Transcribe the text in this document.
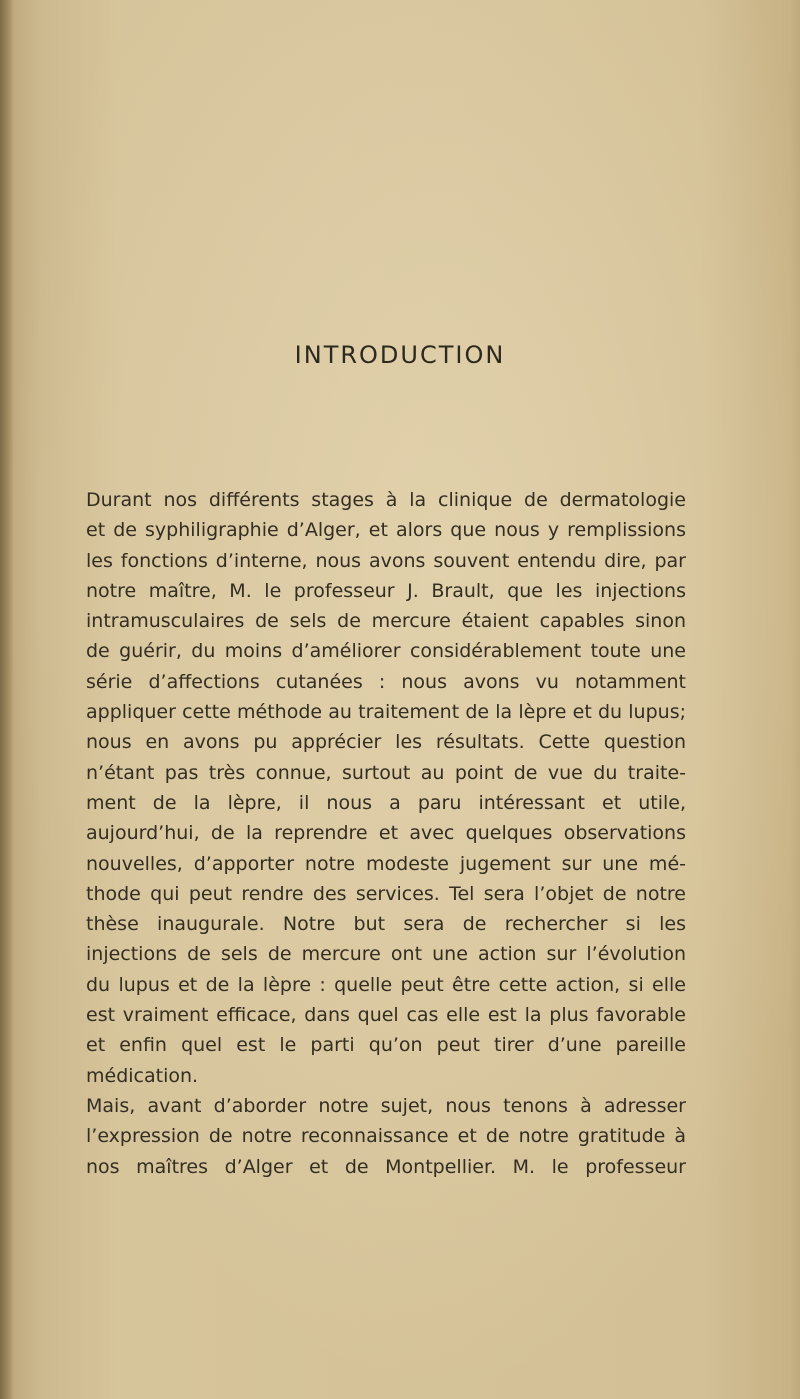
INTRODUCTION
Durant nos différents stages à la clinique de dermatologie
et de syphiligraphie d’Alger, et alors que nous y remplissions
les fonctions d’interne, nous avons souvent entendu dire, par
notre maître, M. le professeur J. Brault, que les injections
intramusculaires de sels de mercure étaient capables sinon
de guérir, du moins d’améliorer considérablement toute une
série d’affections cutanées : nous avons vu notamment
appliquer cette méthode au traitement de la lèpre et du lupus;
nous en avons pu apprécier les résultats. Cette question
n’étant pas très connue, surtout au point de vue du traite-
ment de la lèpre, il nous a paru intéressant et utile,
aujourd’hui, de la reprendre et avec quelques observations
nouvelles, d’apporter notre modeste jugement sur une mé-
thode qui peut rendre des services. Tel sera l’objet de notre
thèse inaugurale. Notre but sera de rechercher si les
injections de sels de mercure ont une action sur l’évolution
du lupus et de la lèpre : quelle peut être cette action, si elle
est vraiment efficace, dans quel cas elle est la plus favorable
et enfin quel est le parti qu’on peut tirer d’une pareille
médication.
Mais, avant d’aborder notre sujet, nous tenons à adresser
l’expression de notre reconnaissance et de notre gratitude à
nos maîtres d’Alger et de Montpellier. M. le professeur
